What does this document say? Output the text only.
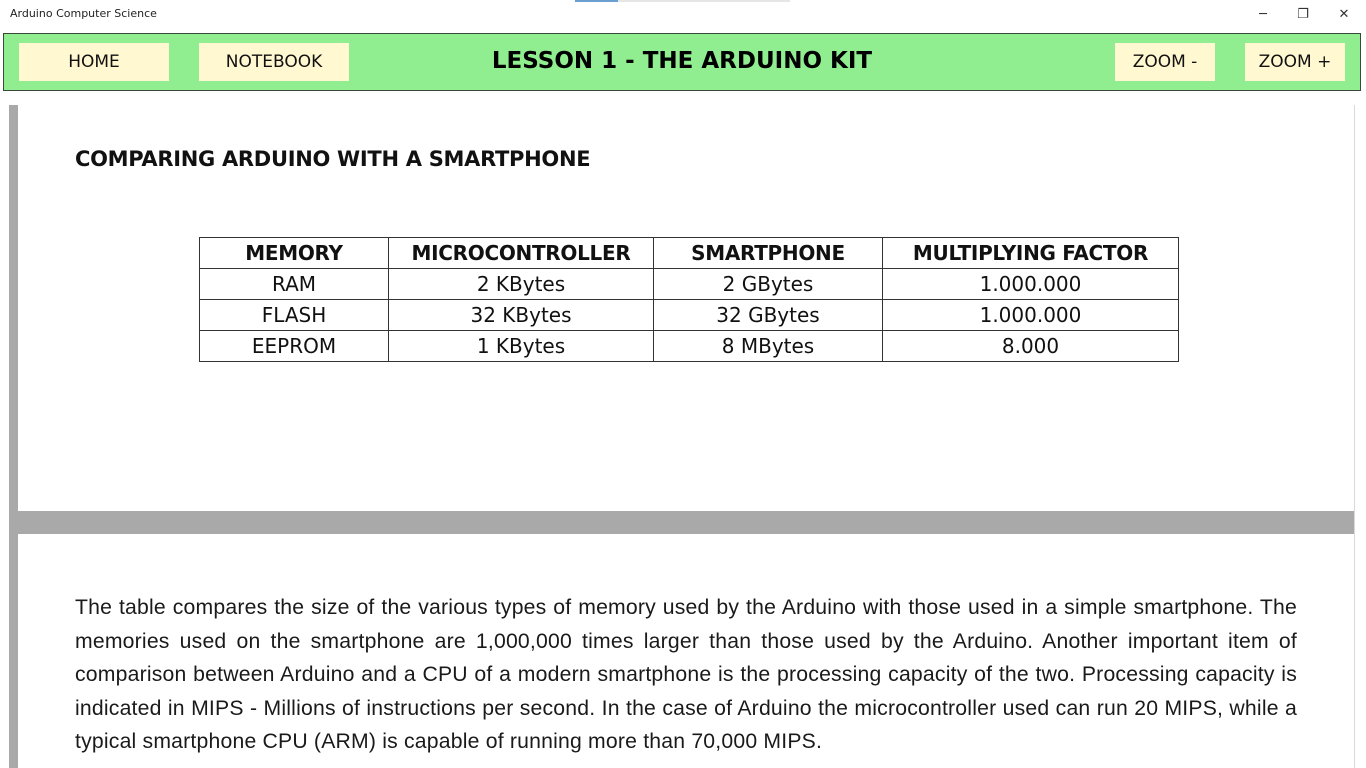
Arduino Computer Science	─ ❐ ✕
HOME	NOTEBOOK	LESSON 1 - THE ARDUINO KIT	ZOOM -	ZOOM +
COMPARING ARDUINO WITH A SMARTPHONE
MEMORY	MICROCONTROLLER	SMARTPHONE	MULTIPLYING FACTOR
RAM	2 KBytes	2 GBytes	1.000.000
FLASH	32 KBytes	32 GBytes	1.000.000
EEPROM	1 KBytes	8 MBytes	8.000
The table compares the size of the various types of memory used by the Arduino with those used in a simple smartphone. The memories used on the smartphone are 1,000,000 times larger than those used by the Arduino. Another important item of comparison between Arduino and a CPU of a modern smartphone is the processing capacity of the two. Processing capacity is indicated in MIPS - Millions of instructions per second. In the case of Arduino the microcontroller used can run 20 MIPS, while a typical smartphone CPU (ARM) is capable of running more than 70,000 MIPS.
